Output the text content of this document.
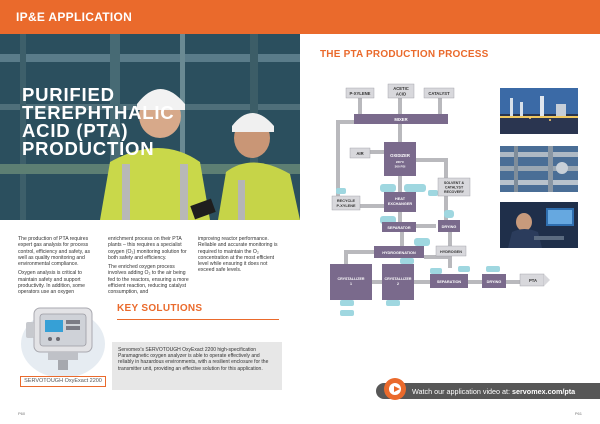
IP&E APPLICATION
PURIFIED TEREPHTHALIC ACID (PTA) PRODUCTION

The production of PTA requires expert gas analysis for process control, efficiency and safety, as well as quality monitoring and environmental compliance.

Oxygen analysis is critical to maintain safety and support productivity. In addition, some operators use an oxygen

enrichment process on their PTA plants – this requires a specialist oxygen (O₂) monitoring solution for both safety and efficiency.

The enriched oxygen process involves adding O₂ to the air being fed to the reactors, ensuring a more efficient reaction, reducing catalyst consumption, and

improving reactor performance. Reliable and accurate monitoring is required to maintain the O₂ concentration at the most efficient level while ensuring it does not exceed safe levels.

SERVOTOUGH OxyExact 2200
KEY SOLUTIONS
Servomex's SERVOTOUGH OxyExact 2200 high-specification Paramagnetic oxygen analyzer is able to operate effectively and reliably in hazardous environments, with a resilient enclosure for the transmitter unit, providing an effective solution for this application.
P60
THE PTA PRODUCTION PROCESS
P-XYLENE
ACETIC
ACID	CATALYST
MIXER
AIR	OXIDIZER
220°C
300 PSI
SOLVENT &
CATALYST
RECOVERY
RECYCLE
P-XYLENE
HEAT
EXCHANGER
SEPARATOR	DRYING
HYDROGENATION	HYDROGEN
CRYSTALLIZER
1
CRYSTALLIZER
2	SEPARATION	DRYING	PTA
Watch our application video at: servomex.com/pta
P61
